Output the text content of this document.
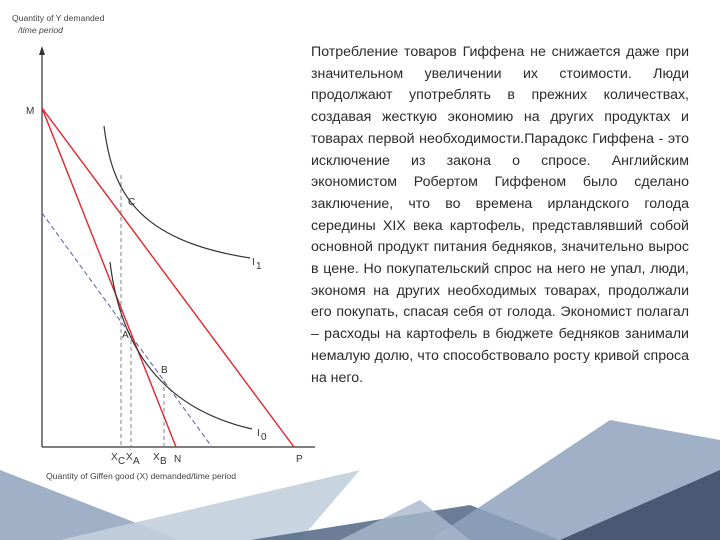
Quantity of Y demanded
/time period
Quantity of Giffen good (X) demanded/time period
M
C
A
B
P
N
I 1
I 0
X C X A X B
Потребление товаров Гиффена не снижается даже при значительном увеличении их стоимости. Люди продолжают употреблять в прежних количествах, создавая жесткую экономию на других продуктах и товарах первой необходимости.Парадокс Гиффена - это исключение из закона о спросе. Английским экономистом Робертом Гиффеном было сделано заключение, что во времена ирландского голода середины XIX века картофель, представлявший собой основной продукт питания бедняков, значительно вырос в цене. Но покупательский спрос на него не упал, люди, экономя на других необходимых товарах, продолжали его покупать, спасая себя от голода. Экономист полагал – расходы на картофель в бюджете бедняков занимали немалую долю, что способствовало росту кривой спроса на него.
